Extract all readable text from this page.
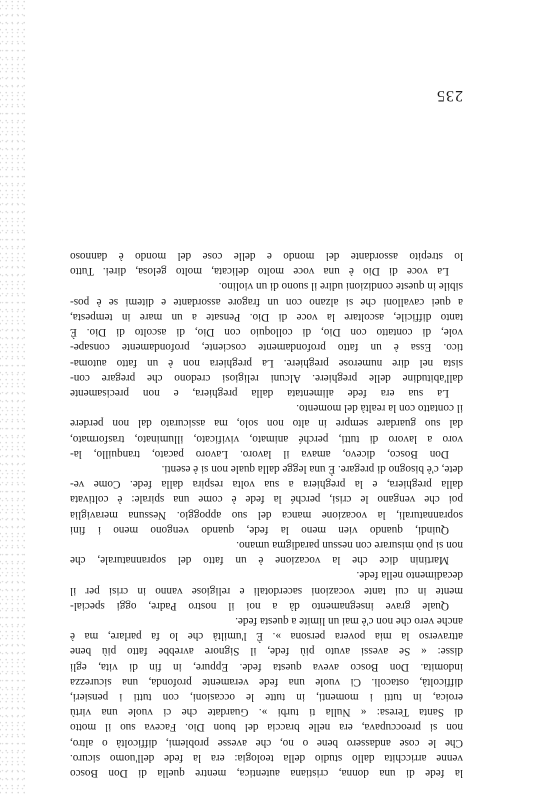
la fede di una donna, cristiana autentica, mentre quella di Don Bosco
venne arricchita dallo studio della teologia: era la fede dell'uomo sicuro.
Che le cose andassero bene o no, che avesse problemi, difficoltà o altro,
non si preoccupava, era nelle braccia del buon Dio. Faceva suo il motto
di Santa Teresa: « Nulla ti turbi ». Guardate che ci vuole una virtù
eroica, in tutti i momenti, in tutte le occasioni, con tutti i pensieri,
difficoltà, ostacoli. Ci vuole una fede veramente profonda, una sicurezza
indomita. Don Bosco aveva questa fede. Eppure, in fin di vita, egli
disse: « Se avessi avuto più fede, il Signore avrebbe fatto più bene
attraverso la mia povera persona ». È l'umiltà che lo fa parlare, ma è
anche vero che non c'è mai un limite a questa fede.
Quale grave insegnamento dà a noi il nostro Padre, oggi special-
mente in cui tante vocazioni sacerdotali e religiose vanno in crisi per il
decadimento nella fede.
Martinin dice che la vocazione è un fatto del soprannaturale, che
non si può misurare con nessun paradigma umano.
Quindi, quando vien meno la fede, quando vengono meno i fini
soprannaturali, la vocazione manca del suo appoggio. Nessuna meraviglia
poi che vengano le crisi, perché la fede è come una spirale: è coltivata
dalla preghiera, e la preghiera a sua volta respira dalla fede. Come ve-
dete, c'è bisogno di pregare. È una legge dalla quale non si è esenti.
Don Bosco, dicevo, amava il lavoro. Lavoro pacato, tranquillo, la-
voro a lavoro di tutti, perché animato, vivificato, illuminato, trasformato,
dal suo guardare sempre in alto non solo, ma assicurato dal non perdere
il contatto con la realtà del momento.
La sua era fede alimentata dalla preghiera, e non precisamente
dall'abitudine delle preghiere. Alcuni religiosi credono che pregare con-
sista nel dire numerose preghiere. La preghiera non è un fatto automa-
tico. Essa è un fatto profondamente cosciente, profondamente consape-
vole, di contatto con Dio, di colloquio con Dio, di ascolto di Dio. È
tanto difficile, ascoltare la voce di Dio. Pensate a un mare in tempesta,
a quei cavalloni che si alzano con un fragore assordante e ditemi se è pos-
sibile in queste condizioni udire il suono di un violino.
La voce di Dio è una voce molto delicata, molto gelosa, direi. Tutto
lo strepito assordante del mondo e delle cose del mondo è dannoso
235
